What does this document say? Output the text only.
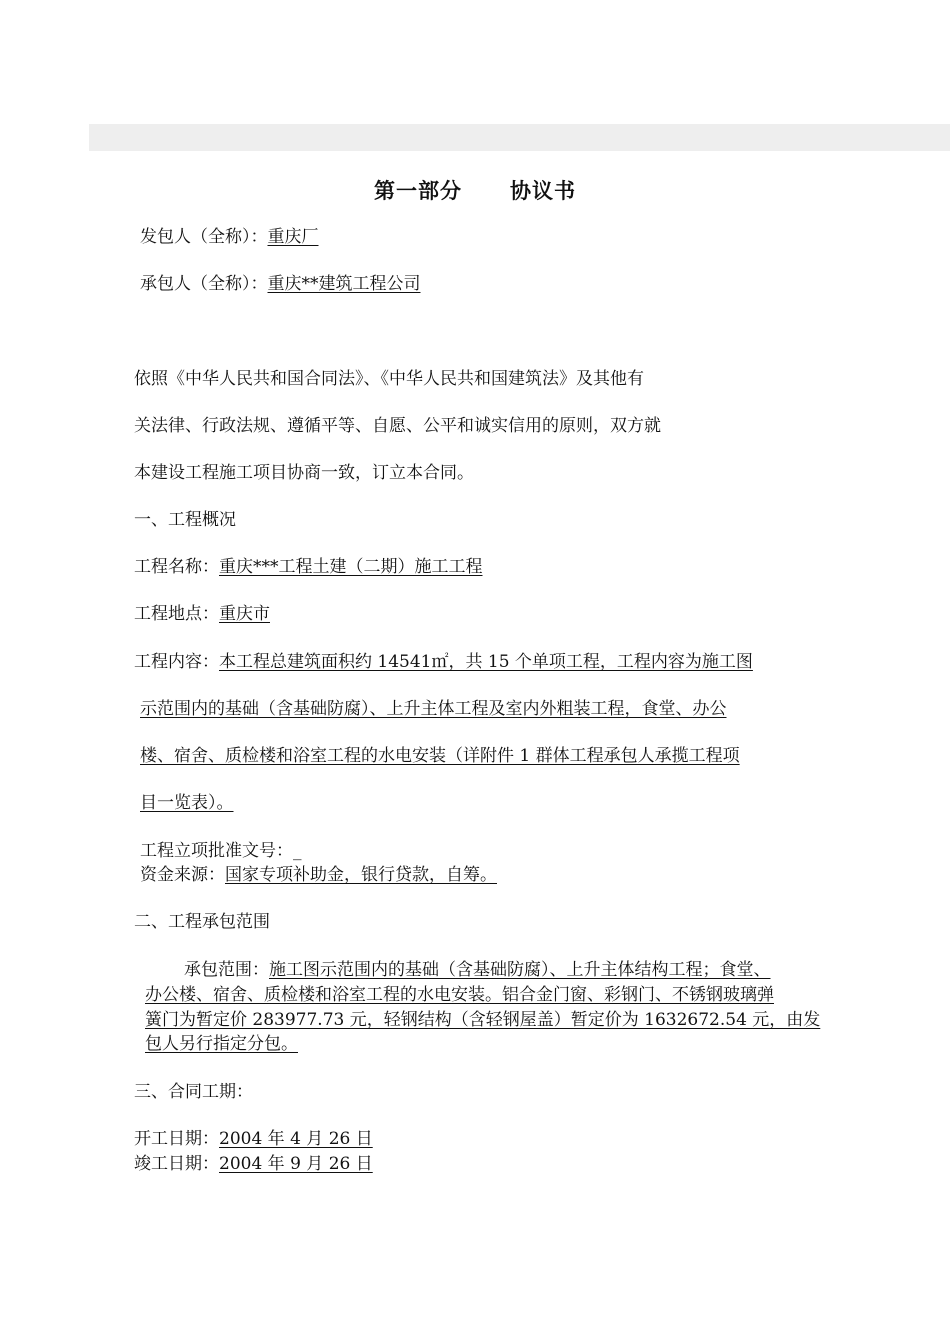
第一部分 协议书
发包人（全称）：重庆厂
承包人（全称）：重庆**建筑工程公司
依照《中华人民共和国合同法》、《中华人民共和国建筑法》及其他有
关法律、行政法规、遵循平等、自愿、公平和诚实信用的原则，双方就
本建设工程施工项目协商一致，订立本合同。
一、工程概况
工程名称：重庆***工程土建（二期）施工工程
工程地点：重庆市
工程内容：本工程总建筑面积约 14541㎡，共 15 个单项工程，工程内容为施工图
示范围内的基础（含基础防腐）、上升主体工程及室内外粗装工程，食堂、办公
楼、宿舍、质检楼和浴室工程的水电安装（详附件 1 群体工程承包人承揽工程项
目一览表）。
工程立项批准文号：_
资金来源：国家专项补助金，银行贷款，自筹。
二、工程承包范围
承包范围：施工图示范围内的基础（含基础防腐）、上升主体结构工程；食堂、
办公楼、宿舍、质检楼和浴室工程的水电安装。铝合金门窗、彩钢门、不锈钢玻璃弹
簧门为暂定价 283977.73 元，轻钢结构（含轻钢屋盖）暂定价为 1632672.54 元，由发
包人另行指定分包。
三、合同工期：
开工日期：2004 年 4 月 26 日
竣工日期：2004 年 9 月 26 日
